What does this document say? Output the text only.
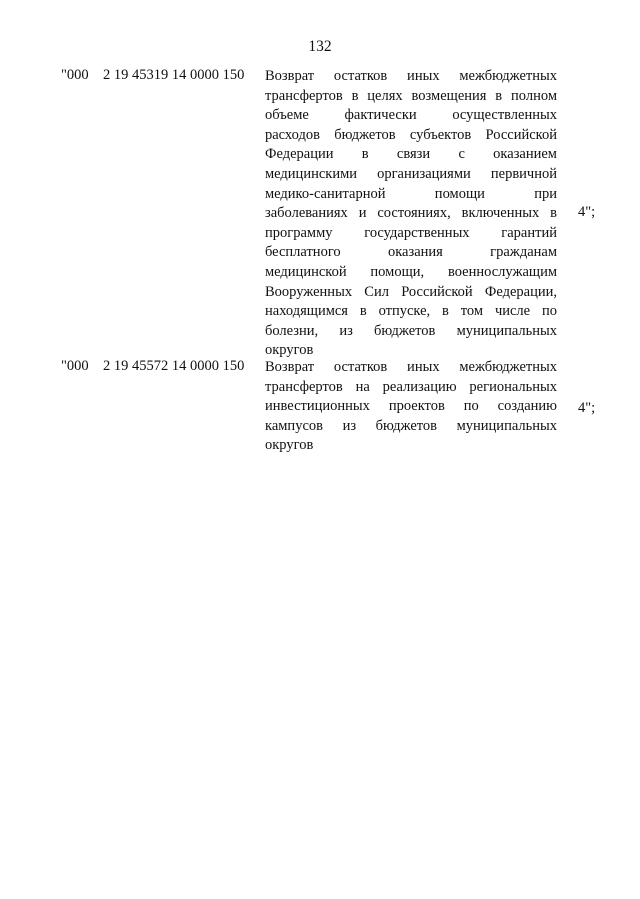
132
"000 2 19 45319 14 0000 150 Возврат остатков иных межбюджетных
трансфертов в целях возмещения в полном
объеме фактически осуществленных
расходов бюджетов субъектов Российской
Федерации в связи с оказанием
медицинскими организациями первичной
медико-санитарной помощи при
заболеваниях и состояниях, включенных в
программу государственных гарантий
бесплатного оказания гражданам
медицинской помощи, военнослужащим
Вооруженных Сил Российской Федерации,
находящимся в отпуске, в том числе по
болезни, из бюджетов муниципальных
округов
4";
"000 2 19 45572 14 0000 150 Возврат остатков иных межбюджетных
трансфертов на реализацию региональных
инвестиционных проектов по созданию
кампусов из бюджетов муниципальных
округов
4";
